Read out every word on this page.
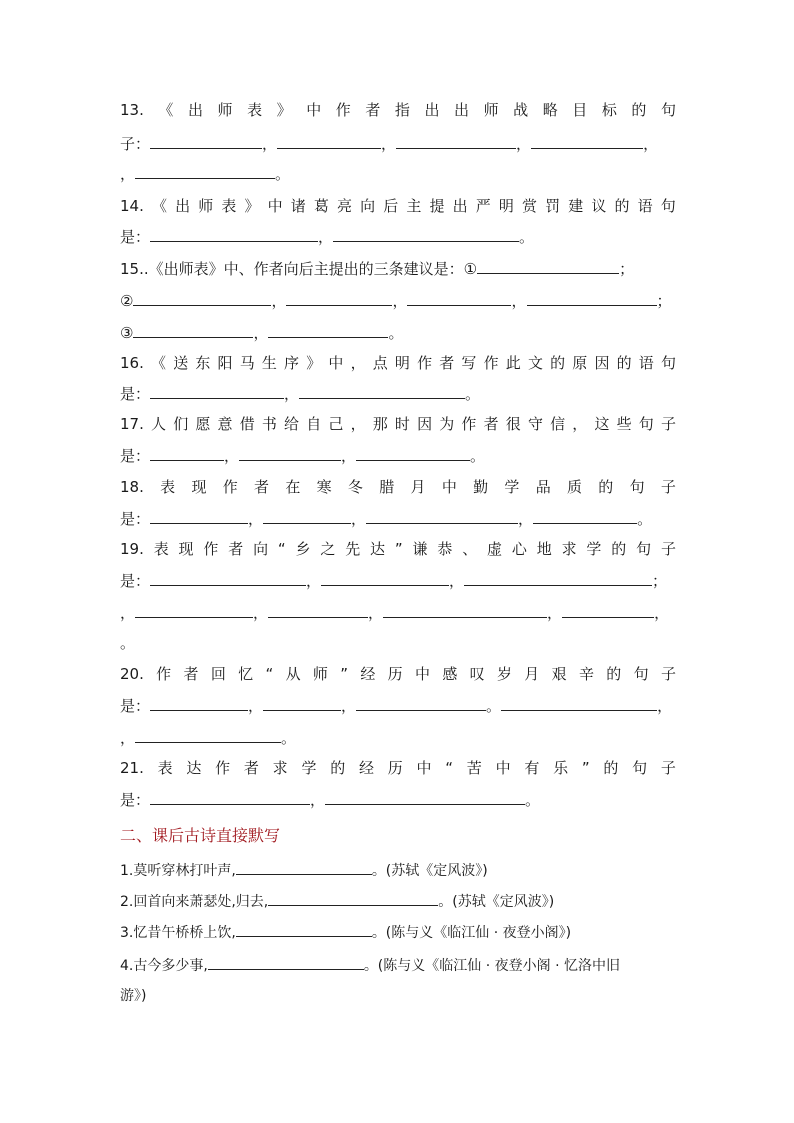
13. 《 出 师 表 》 中 作 者 指 出 出 师 战 略 目 标 的 句
子：	，	，	，	，
，	。
14. 《 出 师 表 》 中 诸 葛 亮 向 后 主 提 出 严 明 赏 罚 建 议 的 语 句
是：	，	。
15..《出师表》中、作者向后主提出的三条建议是：①	；
②	，	，	，	；
③	，	。
16. 《 送 东 阳 马 生 序 》 中 ， 点 明 作 者 写 作 此 文 的 原 因 的 语 句
是：	，	。
17. 人 们 愿 意 借 书 给 自 己 ， 那 时 因 为 作 者 很 守 信 ， 这 些 句 子
是：	，	，	。
18. 表 现 作 者 在 寒 冬 腊 月 中 勤 学 品 质 的 句 子
是：	，	，	，	。
19. 表 现 作 者 向 “ 乡 之 先 达 ” 谦 恭 、 虚 心 地 求 学 的 句 子
是：	，	，	；
，	，	，	，	，
。
20. 作 者 回 忆 “ 从 师 ” 经 历 中 感 叹 岁 月 艰 辛 的 句 子
是：	，	，	。	，
，	。
21. 表 达 作 者 求 学 的 经 历 中 “ 苦 中 有 乐 ” 的 句 子
是：	，	。
二、课后古诗直接默写
1.莫听穿林打叶声,	。(苏轼《定风波》)
2.回首向来萧瑟处,归去,	。(苏轼《定风波》)
3.忆昔午桥桥上饮,	。(陈与义《临江仙 · 夜登小阁》)
4.古今多少事,	。(陈与义《临江仙 · 夜登小阁 · 忆洛中旧
游》)
